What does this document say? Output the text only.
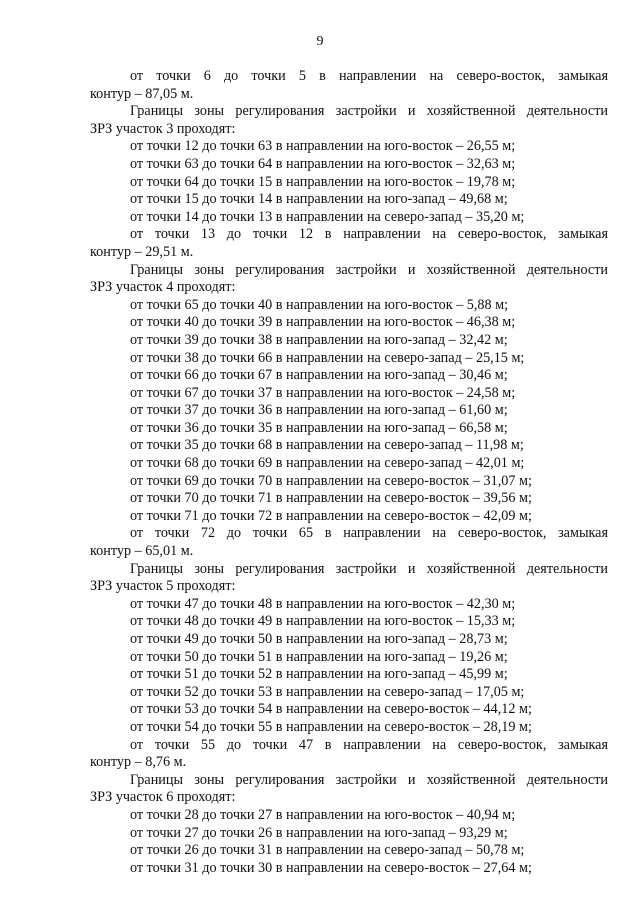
9
от точки 6 до точки 5 в направлении на северо-восток, замыкая
контур – 87,05 м.
Границы зоны регулирования застройки и хозяйственной деятельности
ЗРЗ участок 3 проходят:
от точки 12 до точки 63 в направлении на юго-восток – 26,55 м;
от точки 63 до точки 64 в направлении на юго-восток – 32,63 м;
от точки 64 до точки 15 в направлении на юго-восток – 19,78 м;
от точки 15 до точки 14 в направлении на юго-запад – 49,68 м;
от точки 14 до точки 13 в направлении на северо-запад – 35,20 м;
от точки 13 до точки 12 в направлении на северо-восток, замыкая
контур – 29,51 м.
Границы зоны регулирования застройки и хозяйственной деятельности
ЗРЗ участок 4 проходят:
от точки 65 до точки 40 в направлении на юго-восток – 5,88 м;
от точки 40 до точки 39 в направлении на юго-восток – 46,38 м;
от точки 39 до точки 38 в направлении на юго-запад – 32,42 м;
от точки 38 до точки 66 в направлении на северо-запад – 25,15 м;
от точки 66 до точки 67 в направлении на юго-запад – 30,46 м;
от точки 67 до точки 37 в направлении на юго-восток – 24,58 м;
от точки 37 до точки 36 в направлении на юго-запад – 61,60 м;
от точки 36 до точки 35 в направлении на юго-запад – 66,58 м;
от точки 35 до точки 68 в направлении на северо-запад – 11,98 м;
от точки 68 до точки 69 в направлении на северо-запад – 42,01 м;
от точки 69 до точки 70 в направлении на северо-восток – 31,07 м;
от точки 70 до точки 71 в направлении на северо-восток – 39,56 м;
от точки 71 до точки 72 в направлении на северо-восток – 42,09 м;
от точки 72 до точки 65 в направлении на северо-восток, замыкая
контур – 65,01 м.
Границы зоны регулирования застройки и хозяйственной деятельности
ЗРЗ участок 5 проходят:
от точки 47 до точки 48 в направлении на юго-восток – 42,30 м;
от точки 48 до точки 49 в направлении на юго-восток – 15,33 м;
от точки 49 до точки 50 в направлении на юго-запад – 28,73 м;
от точки 50 до точки 51 в направлении на юго-запад – 19,26 м;
от точки 51 до точки 52 в направлении на юго-запад – 45,99 м;
от точки 52 до точки 53 в направлении на северо-запад – 17,05 м;
от точки 53 до точки 54 в направлении на северо-восток – 44,12 м;
от точки 54 до точки 55 в направлении на северо-восток – 28,19 м;
от точки 55 до точки 47 в направлении на северо-восток, замыкая
контур – 8,76 м.
Границы зоны регулирования застройки и хозяйственной деятельности
ЗРЗ участок 6 проходят:
от точки 28 до точки 27 в направлении на юго-восток – 40,94 м;
от точки 27 до точки 26 в направлении на юго-запад – 93,29 м;
от точки 26 до точки 31 в направлении на северо-запад – 50,78 м;
от точки 31 до точки 30 в направлении на северо-восток – 27,64 м;
